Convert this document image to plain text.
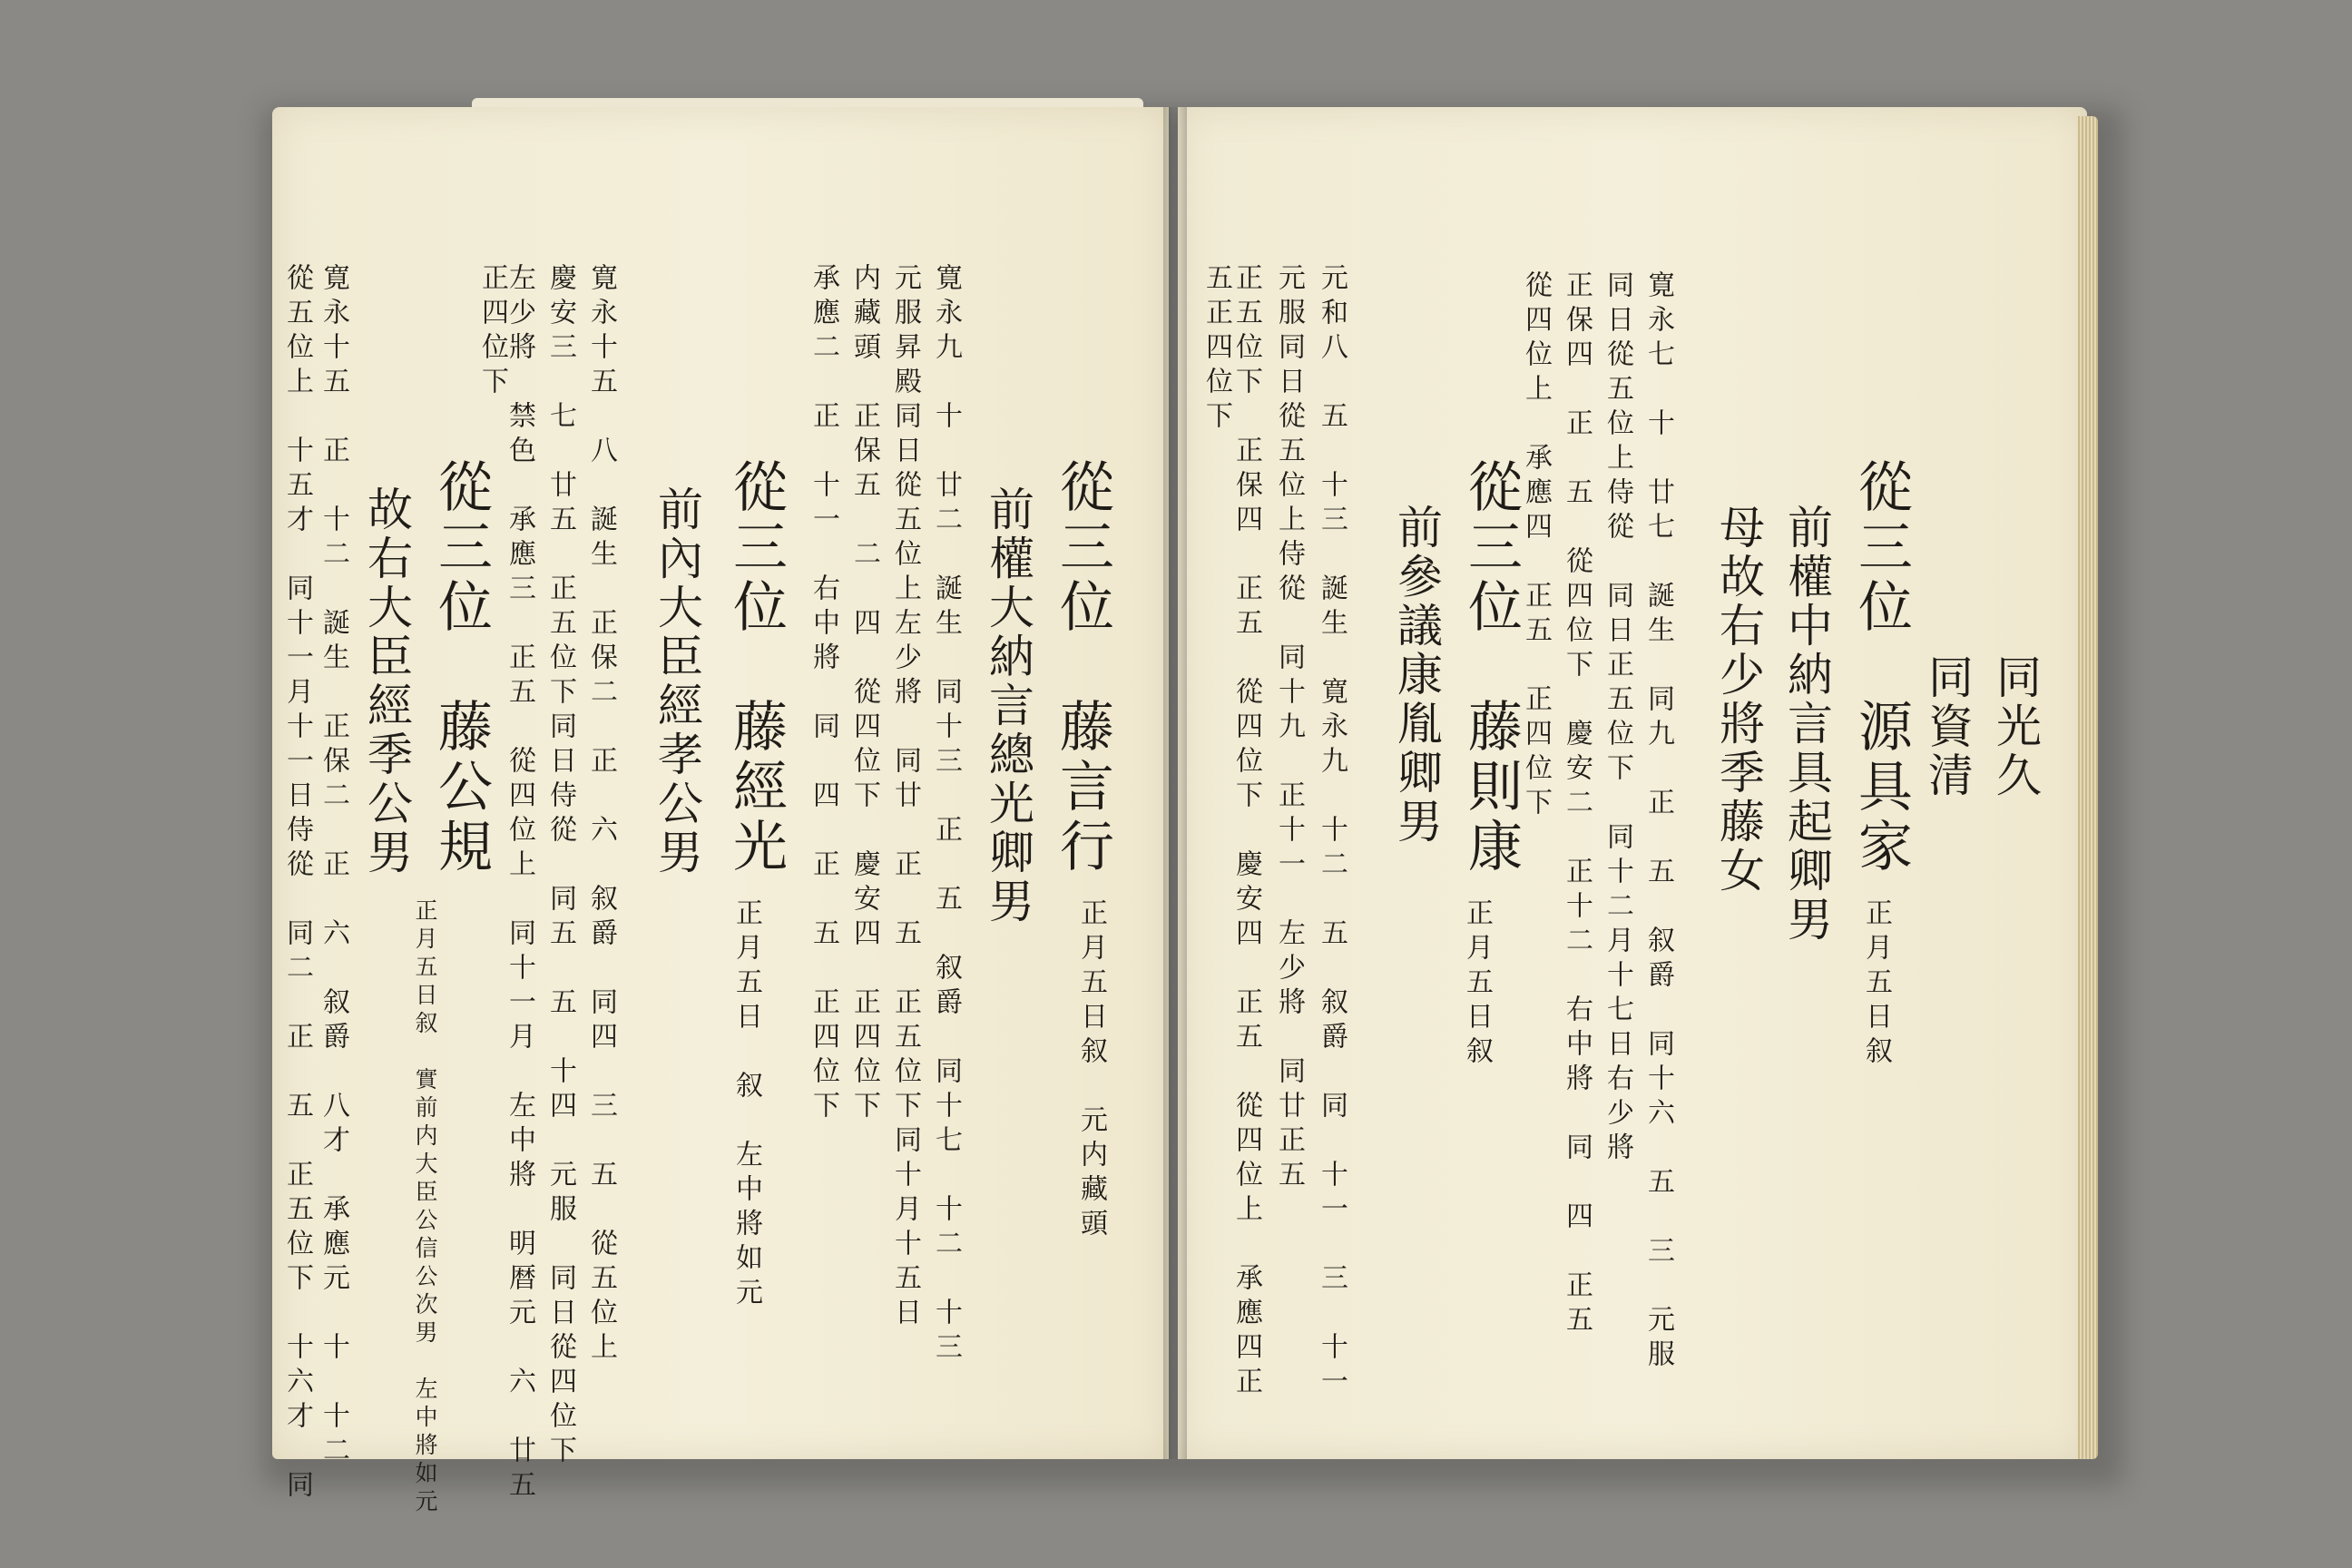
同光久
同資清
從三位　源具家
前權中納言具起卿男
母故右少將季藤女
寛永七　十　廿七　誕生　同九　正　五　叙爵　同十六　五　三　元服
同日從五位上侍從　同日正五位下　同十二月十七日右少將
正保四　正　五　從四位下　慶安二　正十二　右中將　同　四　正五
從四位上　承應四　正五　正四位下
正月五日叙
從三位　藤則康
前參議康胤卿男
正月五日叙
元和八　五　十三　誕生　寛永九　十二　五　叙爵　同　十一　三　十一
元服同日從五位上侍從　同十九　正十一　左少將　同廿正五
正五位下　正保四　正五　從四位下　慶安四　正五　從四位上　承應四正
五正四位下
從三位　藤言行
前權大納言總光卿男
正月五日叙　元内藏頭
寛永九　十　廿二　誕生　同十三　正　五　叙爵　同十七　十二　十三
元服昇殿同日從五位上左少將　同廿　正　五　正五位下同十月十五日
内藏頭　正保五　二　四　從四位下　慶安四　正四位下
承應二　正　十一　右中將　同　四　正　五　正四位下
從三位　藤經光
前內大臣經孝公男
正月五日　叙　左中將如元
寛永十五　八　誕生　正保二　正　六　叙爵　同四　三　五　從五位上
慶安三　七　廿五　正五位下同日侍從　同五　五　十四　元服　同日從四位下
左少將　禁色　承應三　正五　從四位上　同十一月　左中將　明暦元　六　廿五
正四位下
從三位　藤公規
故右大臣經季公男
正月五日叙　實前内大臣公信公次男　左中將如元
寛永十五　正　十二　誕生　正保二　正　六　叙爵　八才　承應元　十　十二
從五位上　十五才　同十一月十一日侍從　同二　正　五　正五位下　十六才　同
